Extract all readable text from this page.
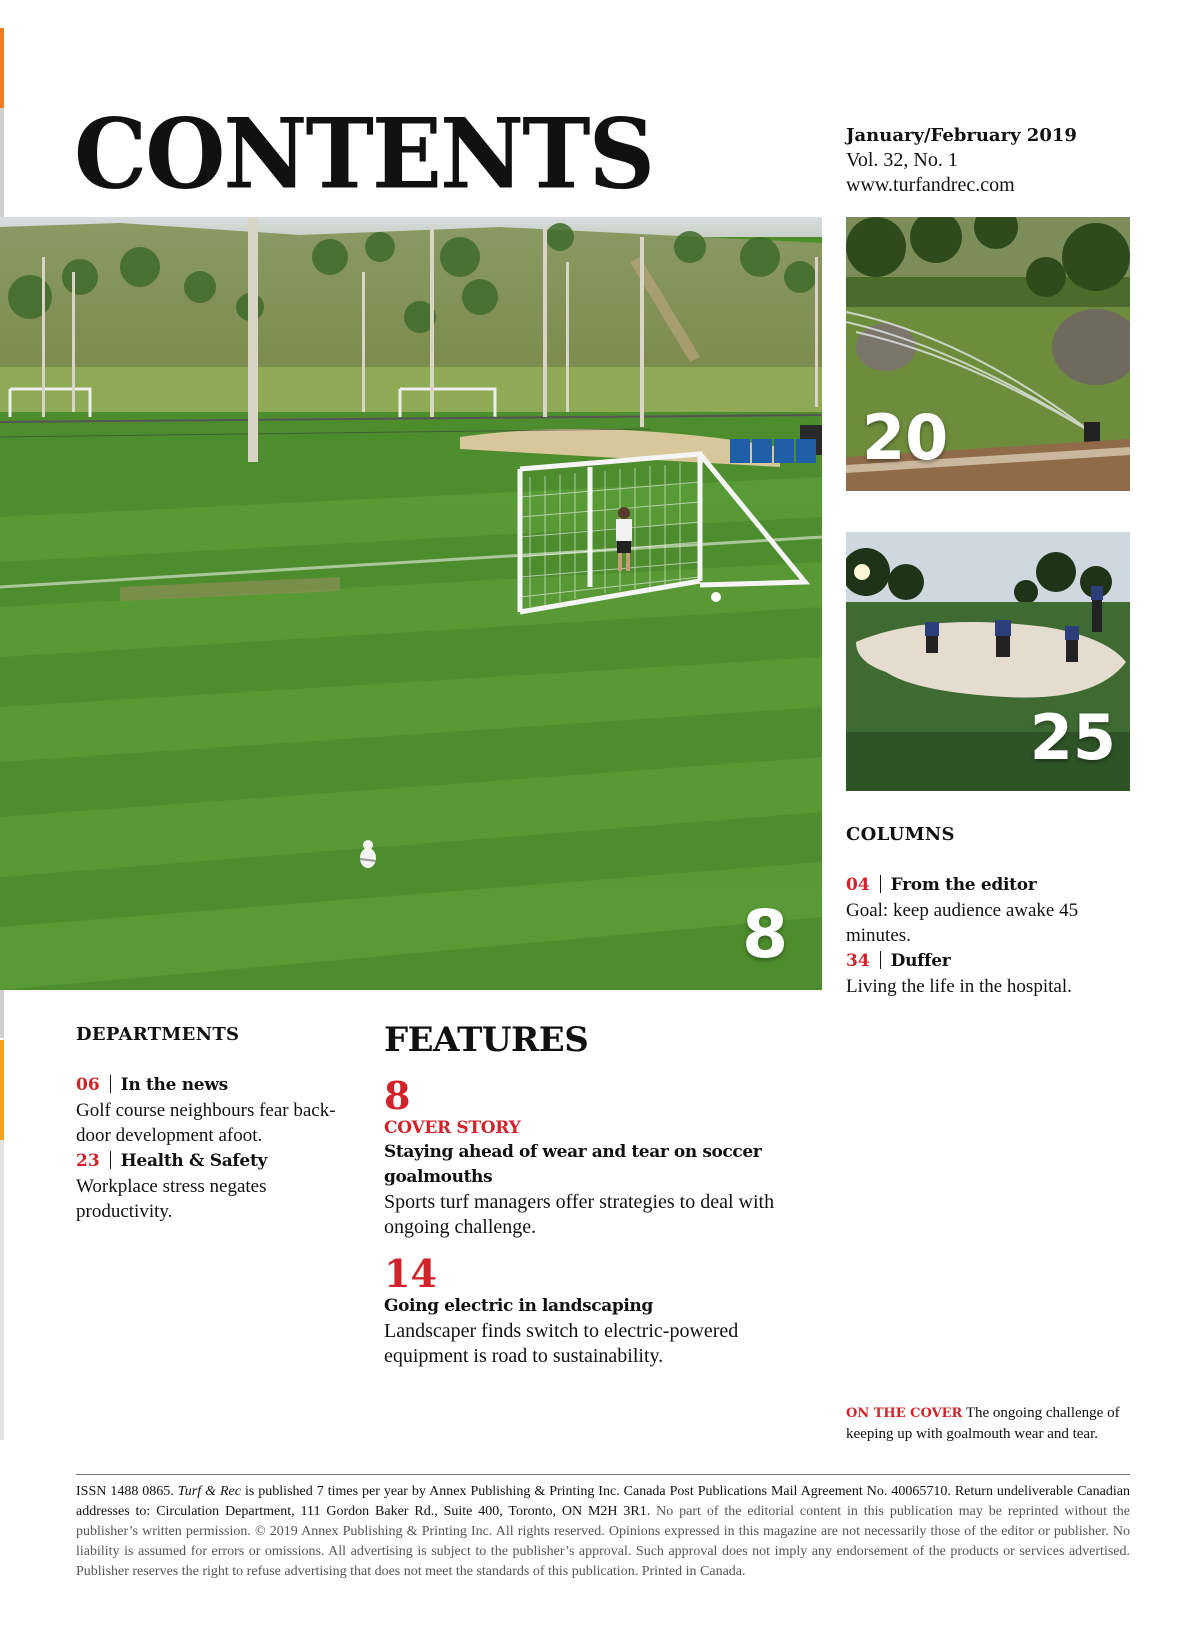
CONTENTS	January/February 2019
Vol. 32, No. 1
www.turfandrec.com
8
20
25
COLUMNS
04 From the editor
Goal: keep audience awake 45 minutes.
34 Duffer
Living the life in the hospital.
DEPARTMENTS
06 In the news
Golf course neighbours fear back-door development afoot.
23 Health & Safety
Workplace stress negates productivity.
FEATURES
8
COVER STORY
Staying ahead of wear and tear on soccer goalmouths
Sports turf managers offer strategies to deal with ongoing challenge.
14
Going electric in landscaping
Landscaper finds switch to electric-powered equipment is road to sustainability.
ON THE COVER The ongoing challenge of keeping up with goalmouth wear and tear.
ISSN 1488 0865. Turf & Rec is published 7 times per year by Annex Publishing & Printing Inc. Canada Post Publications Mail Agreement No. 40065710. Return undeliverable Canadian addresses to: Circulation Department, 111 Gordon Baker Rd., Suite 400, Toronto, ON M2H 3R1. No part of the editorial content in this publication may be reprinted without the publisher’s written permission. © 2019 Annex Publishing & Printing Inc. All rights reserved. Opinions expressed in this magazine are not necessarily those of the editor or publisher. No liability is assumed for errors or omissions. All advertising is subject to the publisher’s approval. Such approval does not imply any endorsement of the products or services advertised. Publisher reserves the right to refuse advertising that does not meet the standards of this publication. Printed in Canada.
